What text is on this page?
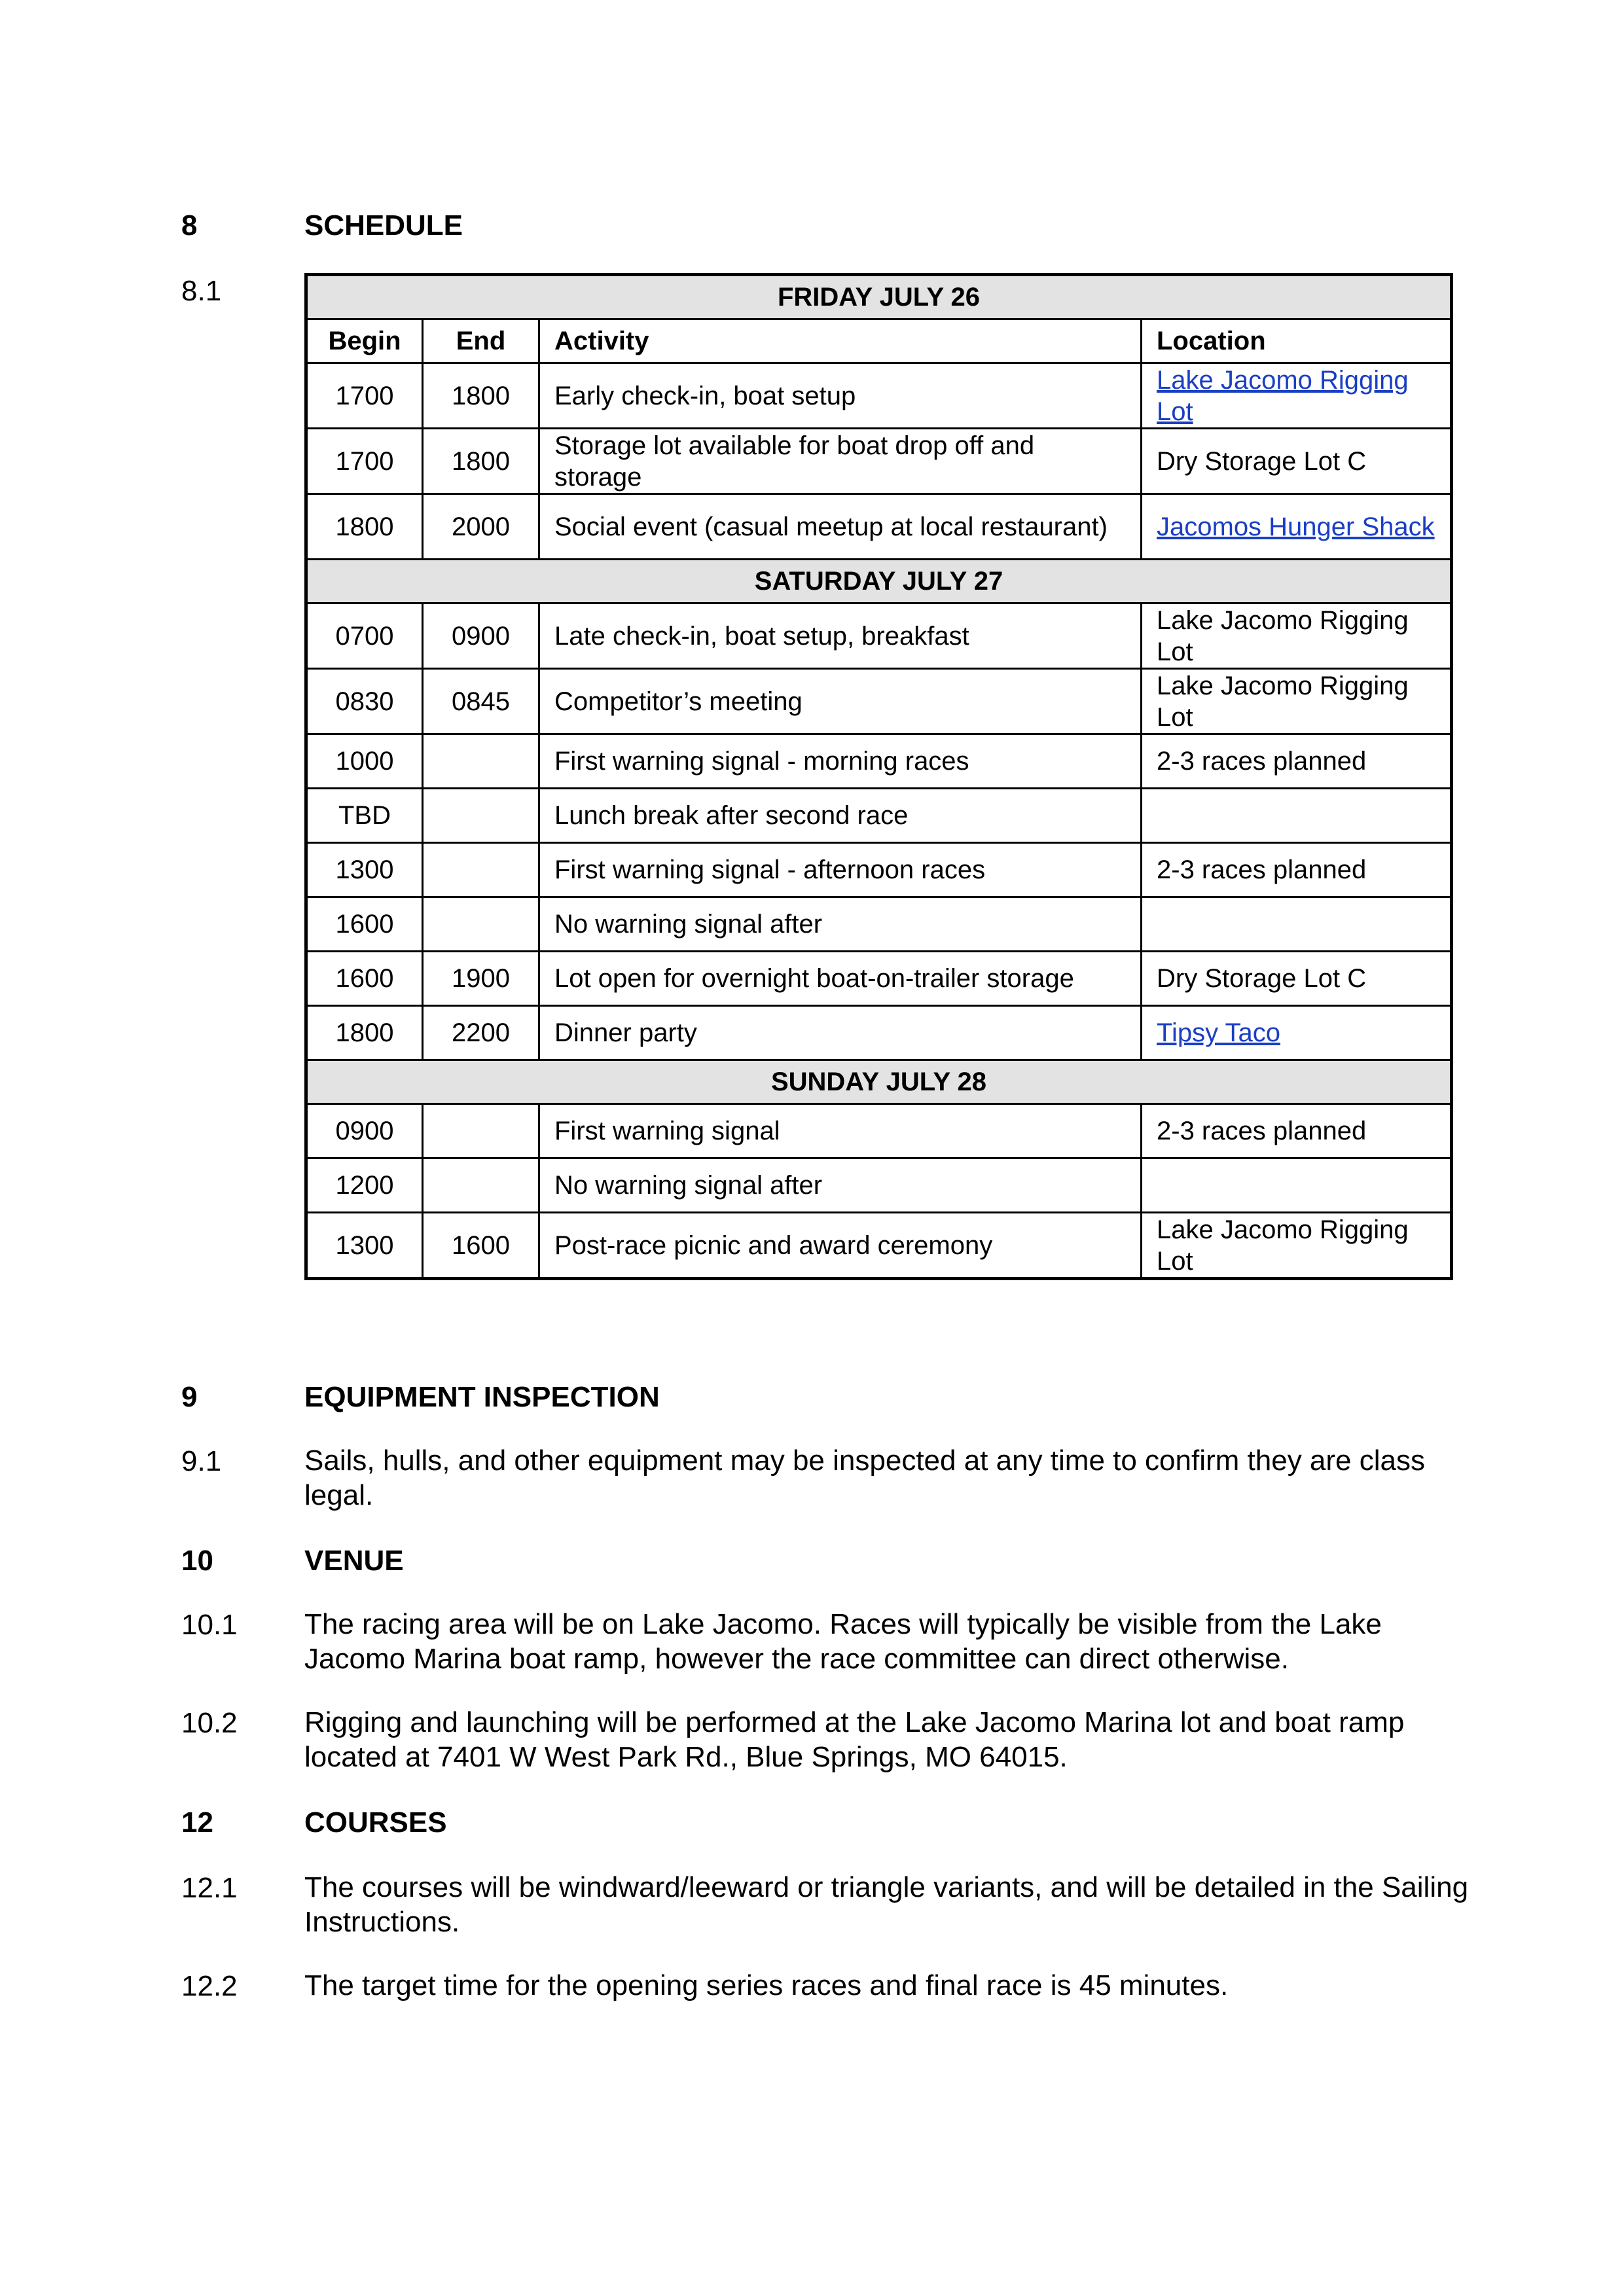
8	SCHEDULE
8.1	FRIDAY JULY 26			
Begin	End	Activity	Location
1700	1800	Early check-in, boat setup	Lake Jacomo Rigging Lot
1700	1800	Storage lot available for boat drop off and storage	Dry Storage Lot C
1800	2000	Social event (casual meetup at local restaurant)	Jacomos Hunger Shack
SATURDAY JULY 27			
0700	0900	Late check-in, boat setup, breakfast	Lake Jacomo Rigging Lot
0830	0845	Competitor’s meeting	Lake Jacomo Rigging Lot
1000		First warning signal - morning races	2-3 races planned
TBD		Lunch break after second race	
1300		First warning signal - afternoon races	2-3 races planned
1600		No warning signal after	
1600	1900	Lot open for overnight boat-on-trailer storage	Dry Storage Lot C
1800	2200	Dinner party	Tipsy Taco
SUNDAY JULY 28			
0900		First warning signal	2-3 races planned
1200		No warning signal after	
1300	1600	Post-race picnic and award ceremony	Lake Jacomo Rigging Lot
9	EQUIPMENT INSPECTION
9.1	Sails, hulls, and other equipment may be inspected at any time to confirm they are class legal.
10	VENUE
10.1 The racing area will be on Lake Jacomo. Races will typically be visible from the Lake Jacomo Marina boat ramp, however the race committee can direct otherwise.
10.2 Rigging and launching will be performed at the Lake Jacomo Marina lot and boat ramp located at 7401 W West Park Rd., Blue Springs, MO 64015.
12	COURSES
12.1 The courses will be windward/leeward or triangle variants, and will be detailed in the Sailing Instructions.
12.2 The target time for the opening series races and final race is 45 minutes.
